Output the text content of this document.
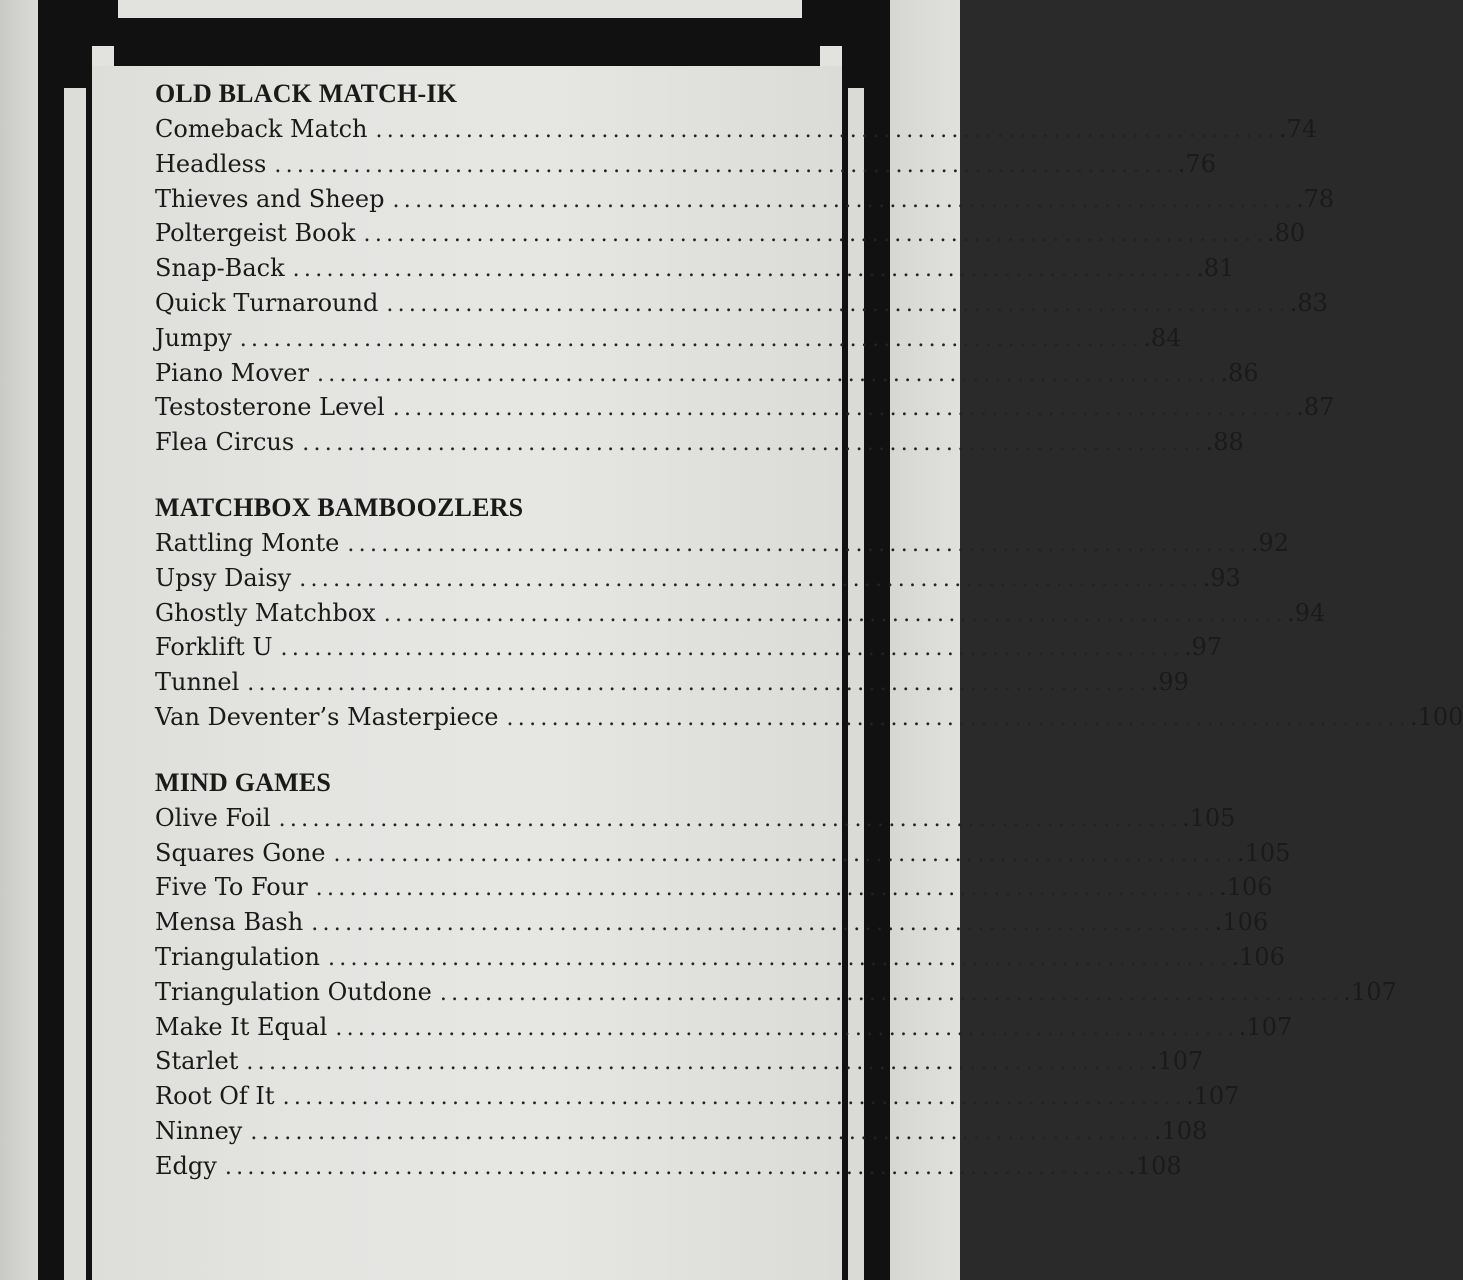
OLD BLACK MATCH-IK
Comeback Match ................................................................................ .74
Headless ................................................................................ .76
Thieves and Sheep ................................................................................ .78
Poltergeist Book ................................................................................ .80
Snap-Back ................................................................................ .81
Quick Turnaround ................................................................................ .83
Jumpy ................................................................................ .84
Piano Mover ................................................................................ .86
Testosterone Level ................................................................................ .87
Flea Circus ................................................................................ .88
MATCHBOX BAMBOOZLERS
Rattling Monte ................................................................................ .92
Upsy Daisy ................................................................................ .93
Ghostly Matchbox ................................................................................ .94
Forklift U ................................................................................ .97
Tunnel ................................................................................ .99
Van Deventer’s Masterpiece ................................................................................ .100
MIND GAMES
Olive Foil ................................................................................ .105
Squares Gone ................................................................................ .105
Five To Four ................................................................................ .106
Mensa Bash ................................................................................ .106
Triangulation ................................................................................ .106
Triangulation Outdone ................................................................................ .107
Make It Equal ................................................................................ .107
Starlet ................................................................................ .107
Root Of It ................................................................................ .107
Ninney ................................................................................ .108
Edgy ................................................................................ .108
